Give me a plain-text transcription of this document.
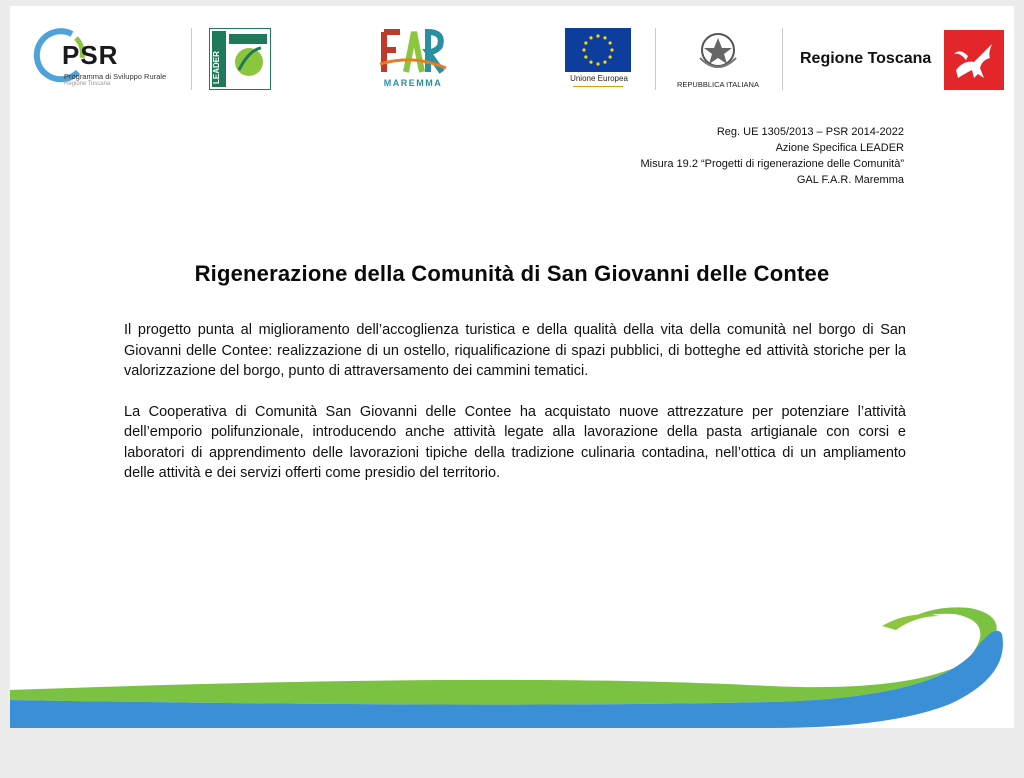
PSR
Programma di Sviluppo Rurale
Regione Toscana	LEADER	MAREMMA	Unione Europea
REPUBBLICA ITALIANA
Regione Toscana
Reg. UE 1305/2013 – PSR 2014-2022
Azione Specifica LEADER
Misura 19.2 “Progetti di rigenerazione delle Comunità”
GAL F.A.R. Maremma
Rigenerazione della Comunità di San Giovanni delle Contee

Il progetto punta al miglioramento dell’accoglienza turistica e della qualità della vita della comunità nel borgo di San Giovanni delle Contee: realizzazione di un ostello, riqualificazione di spazi pubblici, di botteghe ed attività storiche per la valorizzazione del borgo, punto di attraversamento dei cammini tematici.

La Cooperativa di Comunità San Giovanni delle Contee ha acquistato nuove attrezzature per potenziare l’attività dell’emporio polifunzionale, introducendo anche attività legate alla lavorazione della pasta artigianale con corsi e laboratori di apprendimento delle lavorazioni tipiche della tradizione culinaria contadina, nell’ottica di un ampliamento delle attività e dei servizi offerti come presidio del territorio.
